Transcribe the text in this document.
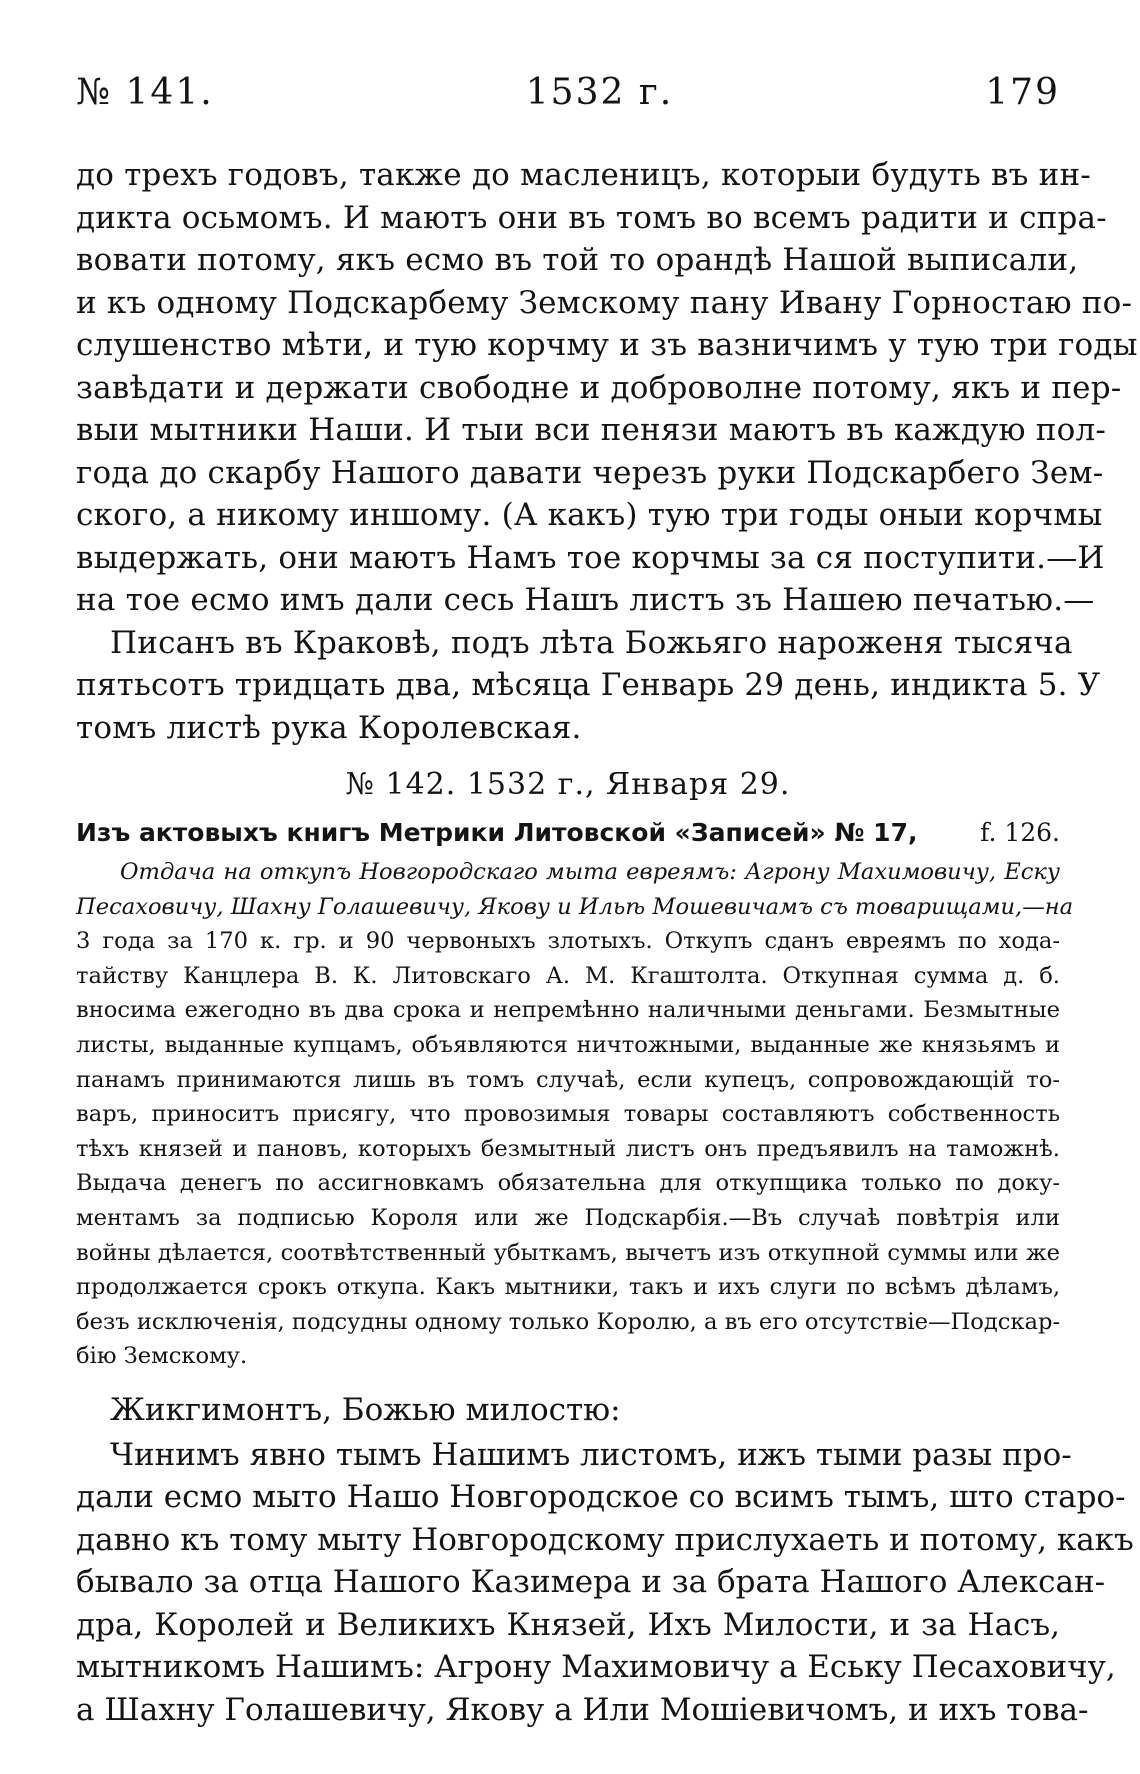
№ 141.	1532 г.	179
до трехъ годовъ, также до масленицъ, которыи будуть въ ин-
дикта осьмомъ. И маютъ они въ томъ во всемъ радити и спра-
вовати потому, якъ есмо въ той то орандѣ Нашой выписали,
и къ одному Подскарбему Земскому пану Ивану Горностаю по-
слушенство мѣти, и тую корчму и зъ вазничимъ у тую три годы
завѣдати и держати свободне и доброволне потому, якъ и пер-
выи мытники Наши. И тыи вси пенязи маютъ въ каждую пол-
года до скарбу Нашого давати черезъ руки Подскарбего Зем-
ского, а никому иншому. (А какъ) тую три годы оныи корчмы
выдержать, они маютъ Намъ тое корчмы за ся поступити.—И
на тое есмо имъ дали сесь Нашъ листъ зъ Нашею печатью.—
Писанъ въ Краковѣ, подъ лѣта Божьяго нароженя тысяча
пятьсотъ тридцать два, мѣсяца Генварь 29 день, индикта 5. У
томъ листѣ рука Королевская.
№ 142. 1532 г., Января 29.
Изъ актовыхъ книгъ Метрики Литовской «Записей» № 17,	f. 126.
Отдача на откупъ Новгородскаго мыта евреямъ: Агрону Махимовичу, Еску
Песаховичу, Шахну Голашевичу, Якову и Ильѣ Мошевичамъ съ товарищами,—на
3 года за 170 к. гр. и 90 червоныхъ злотыхъ. Откупъ сданъ евреямъ по хода-
тайству Канцлера В. К. Литовскаго А. М. Кгаштолта. Откупная сумма д. б.
вносима ежегодно въ два срока и непремѣнно наличными деньгами. Безмытные
листы, выданные купцамъ, объявляются ничтожными, выданные же князьямъ и
панамъ принимаются лишь въ томъ случаѣ, если купецъ, сопровождающій то-
варъ, приноситъ присягу, что провозимыя товары составляютъ собственность
тѣхъ князей и пановъ, которыхъ безмытный листъ онъ предъявилъ на таможнѣ.
Выдача денегъ по ассигновкамъ обязательна для откупщика только по доку-
ментамъ за подписью Короля или же Подскарбія.—Въ случаѣ повѣтрія или
войны дѣлается, соотвѣтственный убыткамъ, вычетъ изъ откупной суммы или же
продолжается срокъ откупа. Какъ мытники, такъ и ихъ слуги по всѣмъ дѣламъ,
безъ исключенія, подсудны одному только Королю, а въ его отсутствіе—Подскар-
бію Земскому.
Жикгимонтъ, Божью милостю:
Чинимъ явно тымъ Нашимъ листомъ, ижъ тыми разы про-
дали есмо мыто Нашо Новгородское со всимъ тымъ, што старо-
давно къ тому мыту Новгородскому прислухаеть и потому, какъ
бывало за отца Нашого Казимера и за брата Нашого Алексан-
дра, Королей и Великихъ Князей, Ихъ Милости, и за Насъ,
мытникомъ Нашимъ: Агрону Махимовичу а Еську Песаховичу,
а Шахну Голашевичу, Якову а Или Мошіевичомъ, и ихъ това-
